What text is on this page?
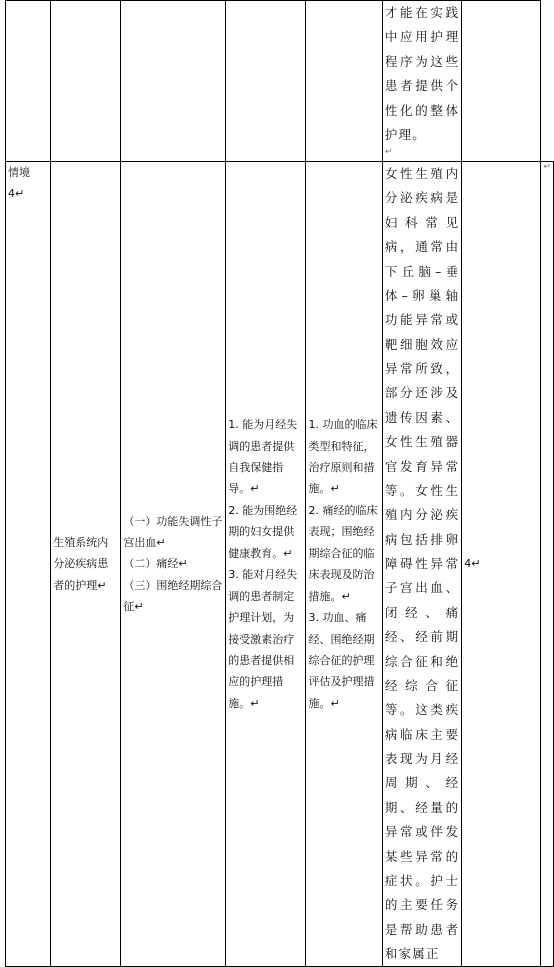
					才能在实践中应用护理程序为这些患者提供个性化的整体护理。
↵		

情境 4↵	生殖系统内分泌疾病患者的护理↵	（一）功能失调性子宫出血↵
（二）痛经↵
（三）围绝经期综合征↵	1. 能为月经失调的患者提供自我保健指导。↵
2. 能为围绝经期的妇女提供健康教育。↵
3. 能对月经失调的患者制定护理计划，为接受激素治疗的患者提供相应的护理措施。↵	1. 功血的临床类型和特征，治疗原则和措施。↵
2. 痛经的临床表现；围绝经期综合征的临床表现及防治措施。↵
3. 功血、痛经、围绝经期综合征的护理评估及护理措施。↵	女性生殖内分泌疾病是妇科常见病，通常由下丘脑–垂体–卵巢轴功能异常或靶细胞效应异常所致，部分还涉及遗传因素、女性生殖器官发育异常等。女性生殖内分泌疾病包括排卵障碍性异常子宫出血、闭经、痛经、经前期综合征和绝经综合征等。这类疾病临床主要表现为月经周期、经期、经量的异常或伴发某些异常的症状。护士的主要任务是帮助患者和家属正	4↵	↵
